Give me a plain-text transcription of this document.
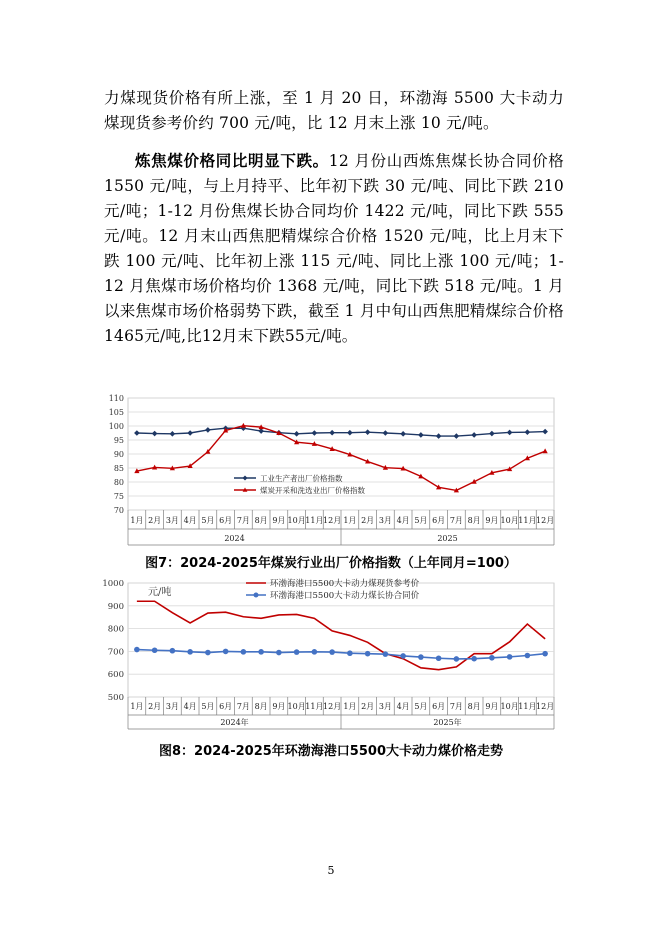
力煤现货价格有所上涨，至 1 月 20 日，环渤海 5500 大卡动力煤现货参考价约 700 元/吨，比 12 月末上涨 10 元/吨。

炼焦煤价格同比明显下跌。12 月份山西炼焦煤长协合同价格 1550 元/吨，与上月持平、比年初下跌 30 元/吨、同比下跌 210 元/吨；1-12 月份焦煤长协合同均价 1422 元/吨，同比下跌 555 元/吨。12 月末山西焦肥精煤综合价格 1520 元/吨，比上月末下跌 100 元/吨、比年初上涨 115 元/吨、同比上涨 100 元/吨；1-12 月焦煤市场价格均价 1368 元/吨，同比下跌 518 元/吨。1 月以来焦煤市场价格弱势下跌，截至 1 月中旬山西焦肥精煤综合价格1465元/吨,比12月末下跌55元/吨。

70
75
80
85
90
95
100
105
110
1月 2月 3月 4月 5月 6月 7月 8月 9月 10月 11月 12月 1月 2月 3月 4月 5月 6月 7月 8月 9月 10月 11月 12月
2024	2025
工业生产者出厂价格指数
煤炭开采和洗选业出厂价格指数
图7：2024-2025年煤炭行业出厂价格指数（上年同月=100）
500
600
700
800
900
1000
元/吨
1月 2月 3月 4月 5月 6月 7月 8月 9月 10月 11月 12月 1月 2月 3月 4月 5月 6月 7月 8月 9月 10月 11月 12月
2024年	2025年
环渤海港口5500大卡动力煤现货参考价
环渤海港口5500大卡动力煤长协合同价
图8：2024-2025年环渤海港口5500大卡动力煤价格走势
5
